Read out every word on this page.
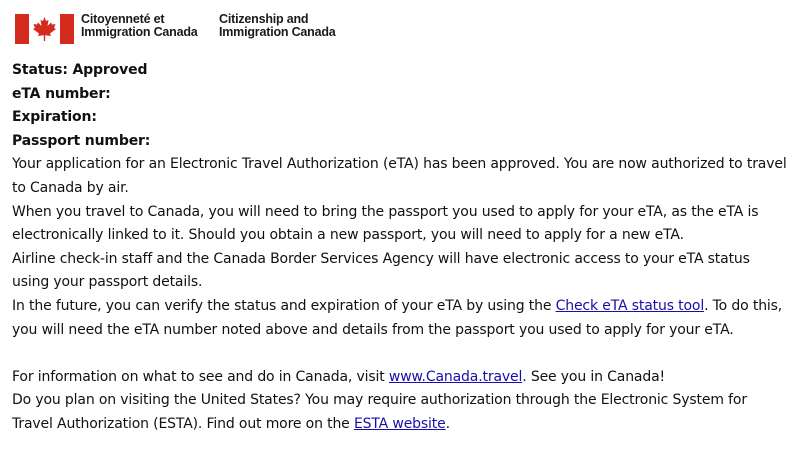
Citoyenneté et
Immigration Canada
Citizenship and
Immigration Canada

Status: Approved

eTA number:

Expiration:

Passport number:

Your application for an Electronic Travel Authorization (eTA) has been approved. You are now authorized to travel to Canada by air.

When you travel to Canada, you will need to bring the passport you used to apply for your eTA, as the eTA is electronically linked to it. Should you obtain a new passport, you will need to apply for a new eTA.

Airline check-in staff and the Canada Border Services Agency will have electronic access to your eTA status using your passport details.

In the future, you can verify the status and expiration of your eTA by using the Check eTA status tool. To do this, you will need the eTA number noted above and details from the passport you used to apply for your eTA.

For information on what to see and do in Canada, visit www.Canada.travel. See you in Canada!

Do you plan on visiting the United States? You may require authorization through the Electronic System for Travel Authorization (ESTA). Find out more on the ESTA website.
